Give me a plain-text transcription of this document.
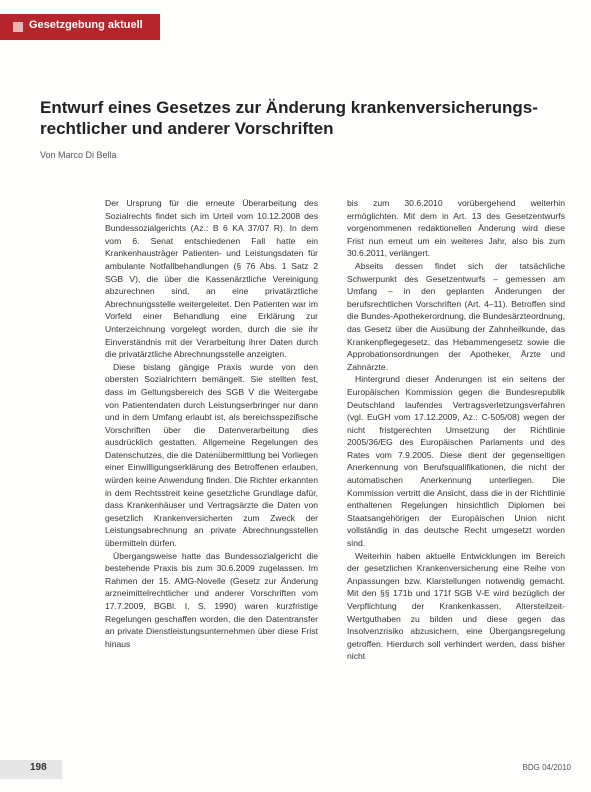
Gesetzgebung aktuell
Entwurf eines Gesetzes zur Änderung krankenversicherungs-
rechtlicher und anderer Vorschriften
Von Marco Di Bella

Der Ursprung für die erneute Überarbeitung des Sozialrechts findet sich im Urteil vom 10.12.2008 des Bundessozialgerichts (Az.: B 6 KA 37/07 R). In dem vom 6. Senat entschiedenen Fall hatte ein Krankenhausträger Patienten- und Leistungsdaten für ambulante Notfallbehandlungen (§ 76 Abs. 1 Satz 2 SGB V), die über die Kassenärztliche Vereinigung abzurechnen sind, an eine privatärztliche Abrechnungsstelle weitergeleitet. Den Patienten war im Vorfeld einer Behandlung eine Erklärung zur Unterzeichnung vorgelegt worden, durch die sie ihr Einverständnis mit der Verarbeitung ihrer Daten durch die privatärztliche Abrechnungsstelle anzeigten.

Diese bislang gängige Praxis wurde von den obersten Sozialrichtern bemängelt. Sie stellten fest, dass im Geltungsbereich des SGB V die Weitergabe von Patientendaten durch Leistungserbringer nur dann und in dem Umfang erlaubt ist, als bereichsspezifische Vorschriften über die Datenverarbeitung dies ausdrücklich gestatten. Allgemeine Regelungen des Datenschutzes, die die Datenübermittlung bei Vorliegen einer Einwilligungserklärung des Betroffenen erlauben, würden keine Anwendung finden. Die Richter erkannten in dem Rechtsstreit keine gesetzliche Grundlage dafür, dass Krankenhäuser und Vertragsärzte die Daten von gesetzlich Krankenversicherten zum Zweck der Leistungsabrechnung an private Abrechnungsstellen übermitteln dürfen.

Übergangsweise hatte das Bundessozialgericht die bestehende Praxis bis zum 30.6.2009 zugelassen. Im Rahmen der 15. AMG-Novelle (Gesetz zur Änderung arzneimittelrechtlicher und anderer Vorschriften vom 17.7.2009, BGBl. I, S. 1990) waren kurzfristige Regelungen geschaffen worden, die den Datentransfer an private Dienstleistungsunternehmen über diese Frist hinaus

bis zum 30.6.2010 vorübergehend weiterhin ermöglichten. Mit dem in Art. 13 des Gesetzentwurfs vorgenommenen redaktionellen Änderung wird diese Frist nun erneut um ein weiteres Jahr, also bis zum 30.6.2011, verlängert.

Abseits dessen findet sich der tatsächliche Schwerpunkt des Gesetzentwurfs – gemessen am Umfang – in den geplanten Änderungen der berufsrechtlichen Vorschriften (Art. 4–11). Betroffen sind die Bundes-Apothekerordnung, die Bundesärzteordnung, das Gesetz über die Ausübung der Zahnheilkunde, das Krankenpflegegesetz, das Hebammengesetz sowie die Approbationsordnungen der Apotheker, Ärzte und Zahnärzte.

Hintergrund dieser Änderungen ist ein seitens der Europäischen Kommission gegen die Bundesrepublik Deutschland laufendes Vertragsverletzungsverfahren (vgl. EuGH vom 17.12.2009, Az.: C-505/08) wegen der nicht fristgerechten Umsetzung der Richtlinie 2005/36/EG des Europäischen Parlaments und des Rates vom 7.9.2005. Diese dient der gegenseitigen Anerkennung von Berufsqualifikationen, die nicht der automatischen Anerkennung unterliegen. Die Kommission vertritt die Ansicht, dass die in der Richtlinie enthaltenen Regelungen hinsichtlich Diplomen bei Staatsangehörigen der Europäischen Union nicht vollständig in das deutsche Recht umgesetzt worden sind.

Weiterhin haben aktuelle Entwicklungen im Bereich der gesetzlichen Krankenversicherung eine Reihe von Anpassungen bzw. Klarstellungen notwendig gemacht. Mit den §§ 171b und 171f SGB V-E wird bezüglich der Verpflichtung der Krankenkassen, Altersteilzeit-Wertguthaben zu bilden und diese gegen das Insolvenzrisiko abzusichern, eine Übergangsregelung getroffen. Hierdurch soll verhindert werden, dass bisher nicht

198	BDG 04/2010
